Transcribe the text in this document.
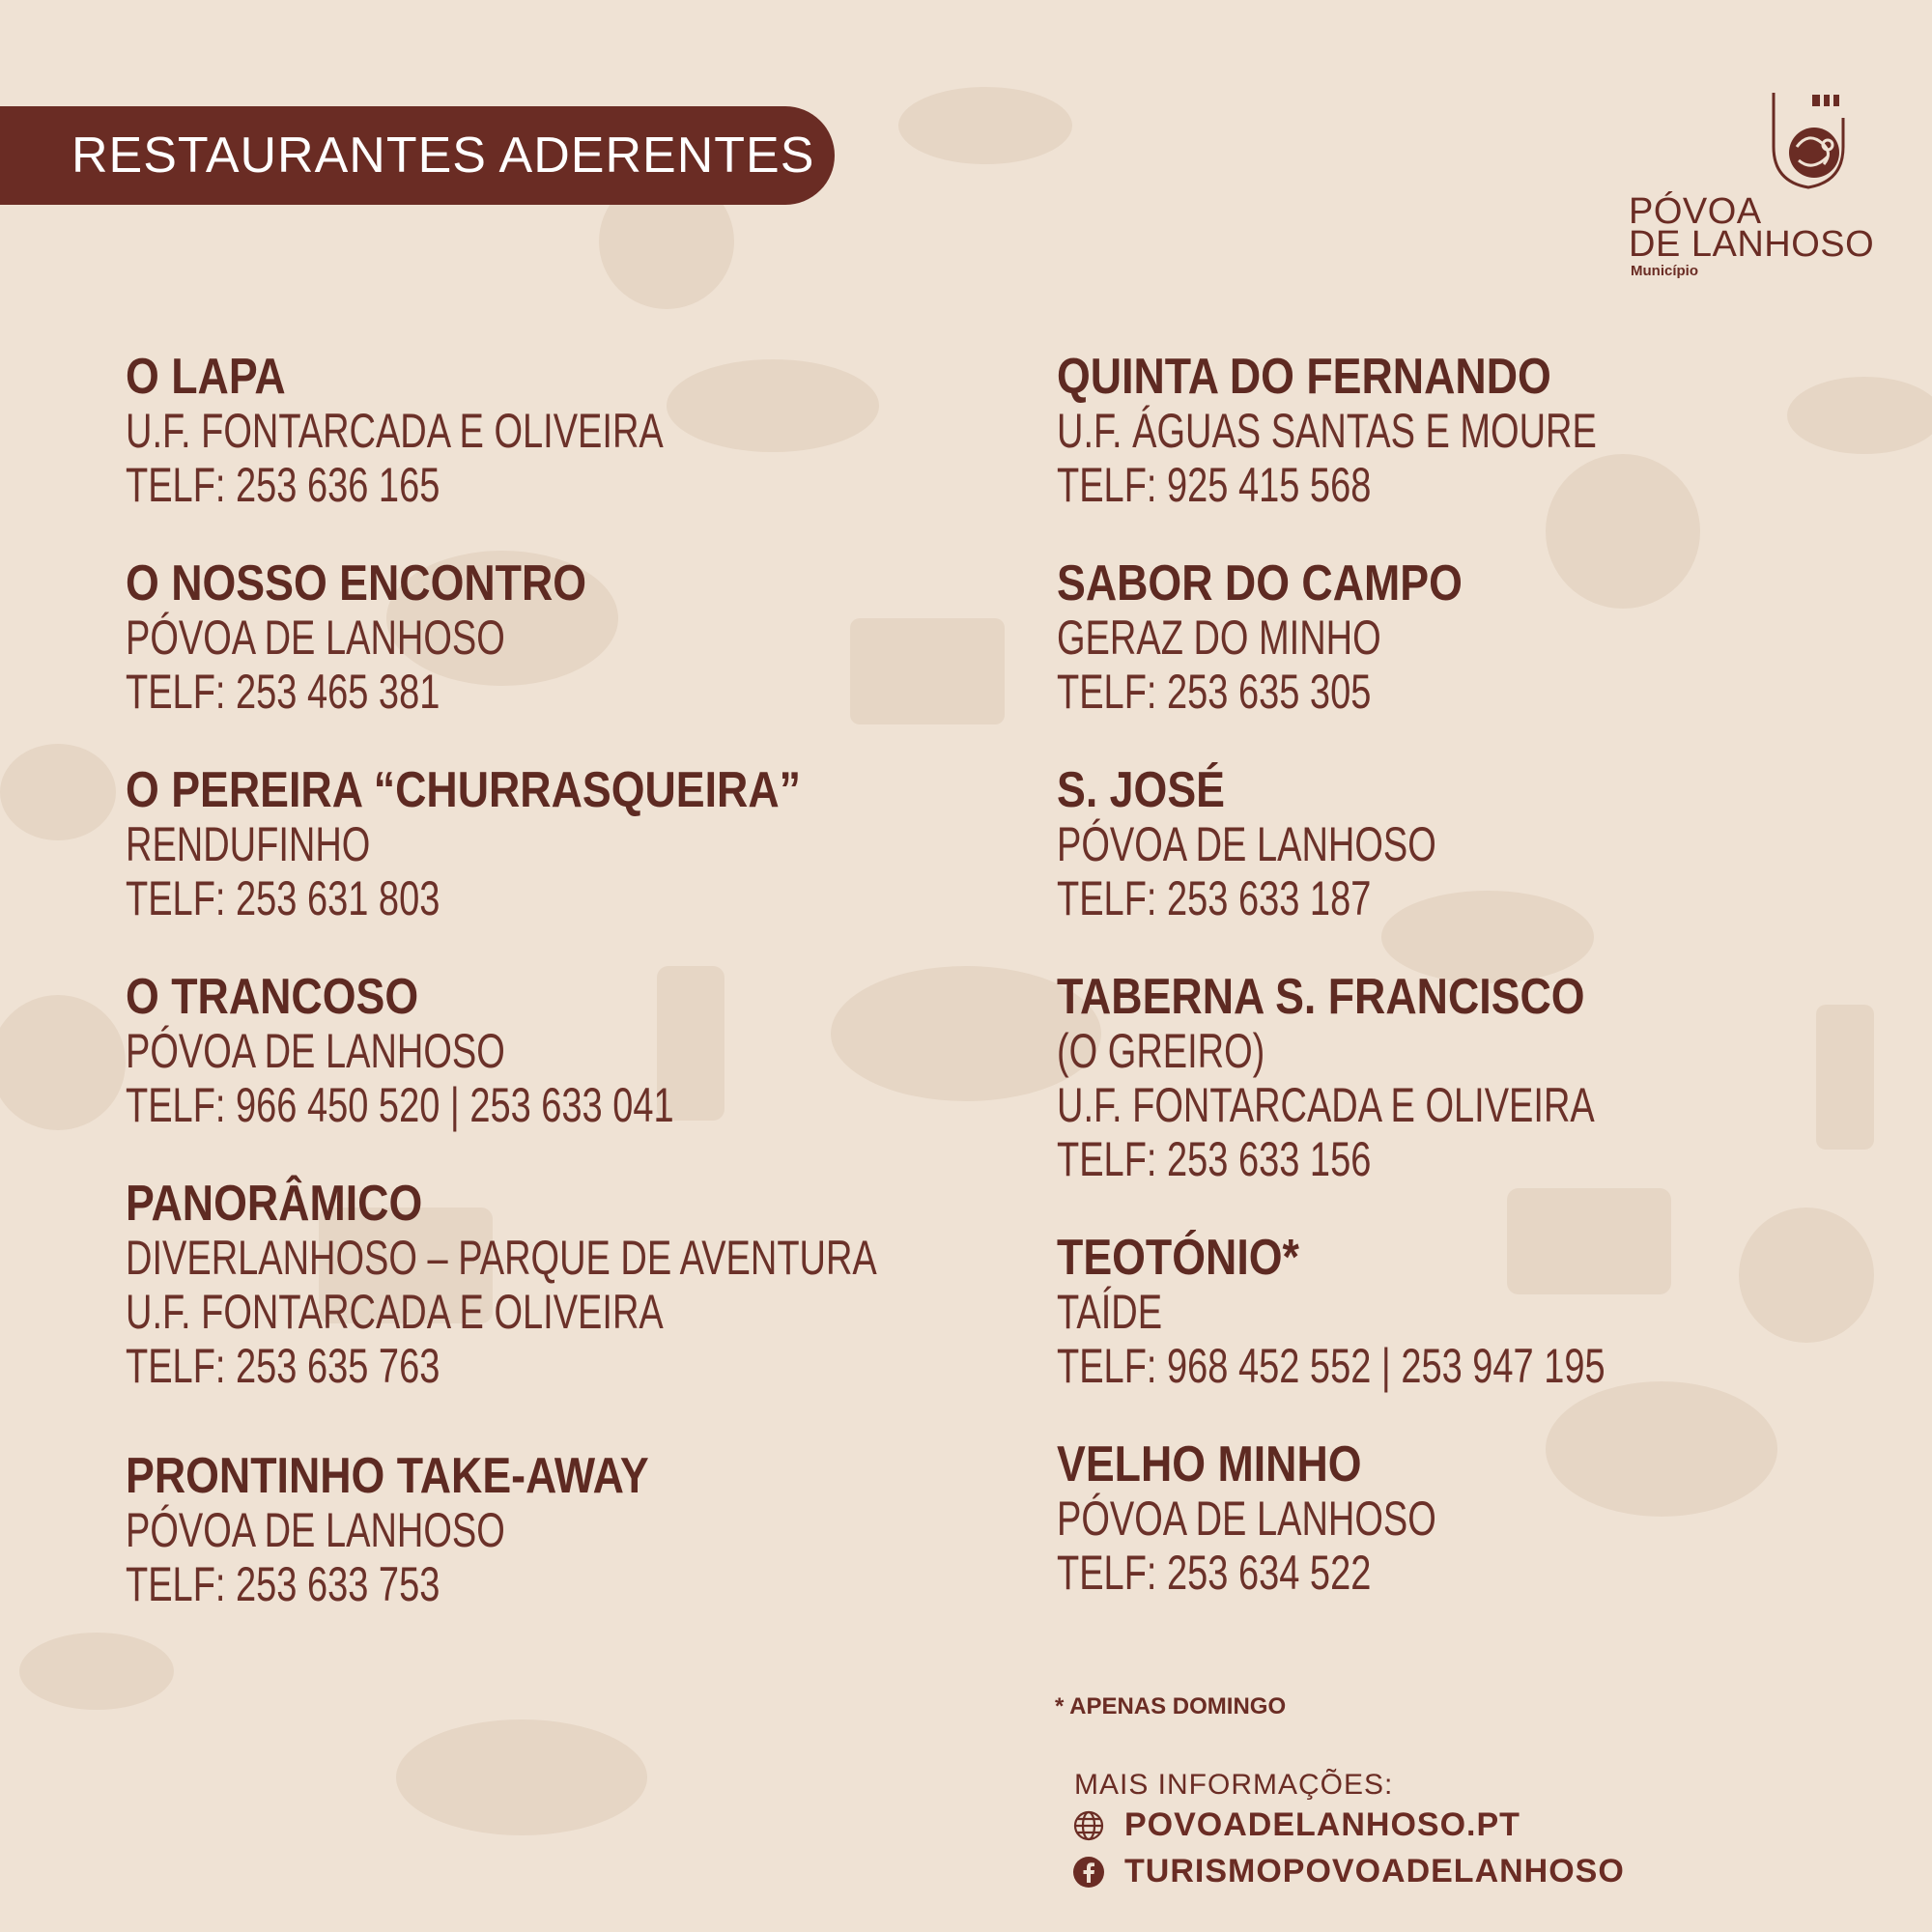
RESTAURANTES ADERENTES
PÓVOA
DE LANHOSO
Município
O LAPA
U.F. FONTARCADA E OLIVEIRA
TELF: 253 636 165
O NOSSO ENCONTRO
PÓVOA DE LANHOSO
TELF: 253 465 381
O PEREIRA “CHURRASQUEIRA”
RENDUFINHO
TELF: 253 631 803
O TRANCOSO
PÓVOA DE LANHOSO
TELF: 966 450 520 | 253 633 041
PANORÂMICO
DIVERLANHOSO – PARQUE DE AVENTURA
U.F. FONTARCADA E OLIVEIRA
TELF: 253 635 763
PRONTINHO TAKE-AWAY
PÓVOA DE LANHOSO
TELF: 253 633 753
QUINTA DO FERNANDO
U.F. ÁGUAS SANTAS E MOURE
TELF: 925 415 568
SABOR DO CAMPO
GERAZ DO MINHO
TELF: 253 635 305
S. JOSÉ
PÓVOA DE LANHOSO
TELF: 253 633 187
TABERNA S. FRANCISCO
(O GREIRO)
U.F. FONTARCADA E OLIVEIRA
TELF: 253 633 156
TEOTÓNIO*
TAÍDE
TELF: 968 452 552 | 253 947 195
VELHO MINHO
PÓVOA DE LANHOSO
TELF: 253 634 522
* APENAS DOMINGO
MAIS INFORMAÇÕES:
POVOADELANHOSO.PT
TURISMOPOVOADELANHOSO
